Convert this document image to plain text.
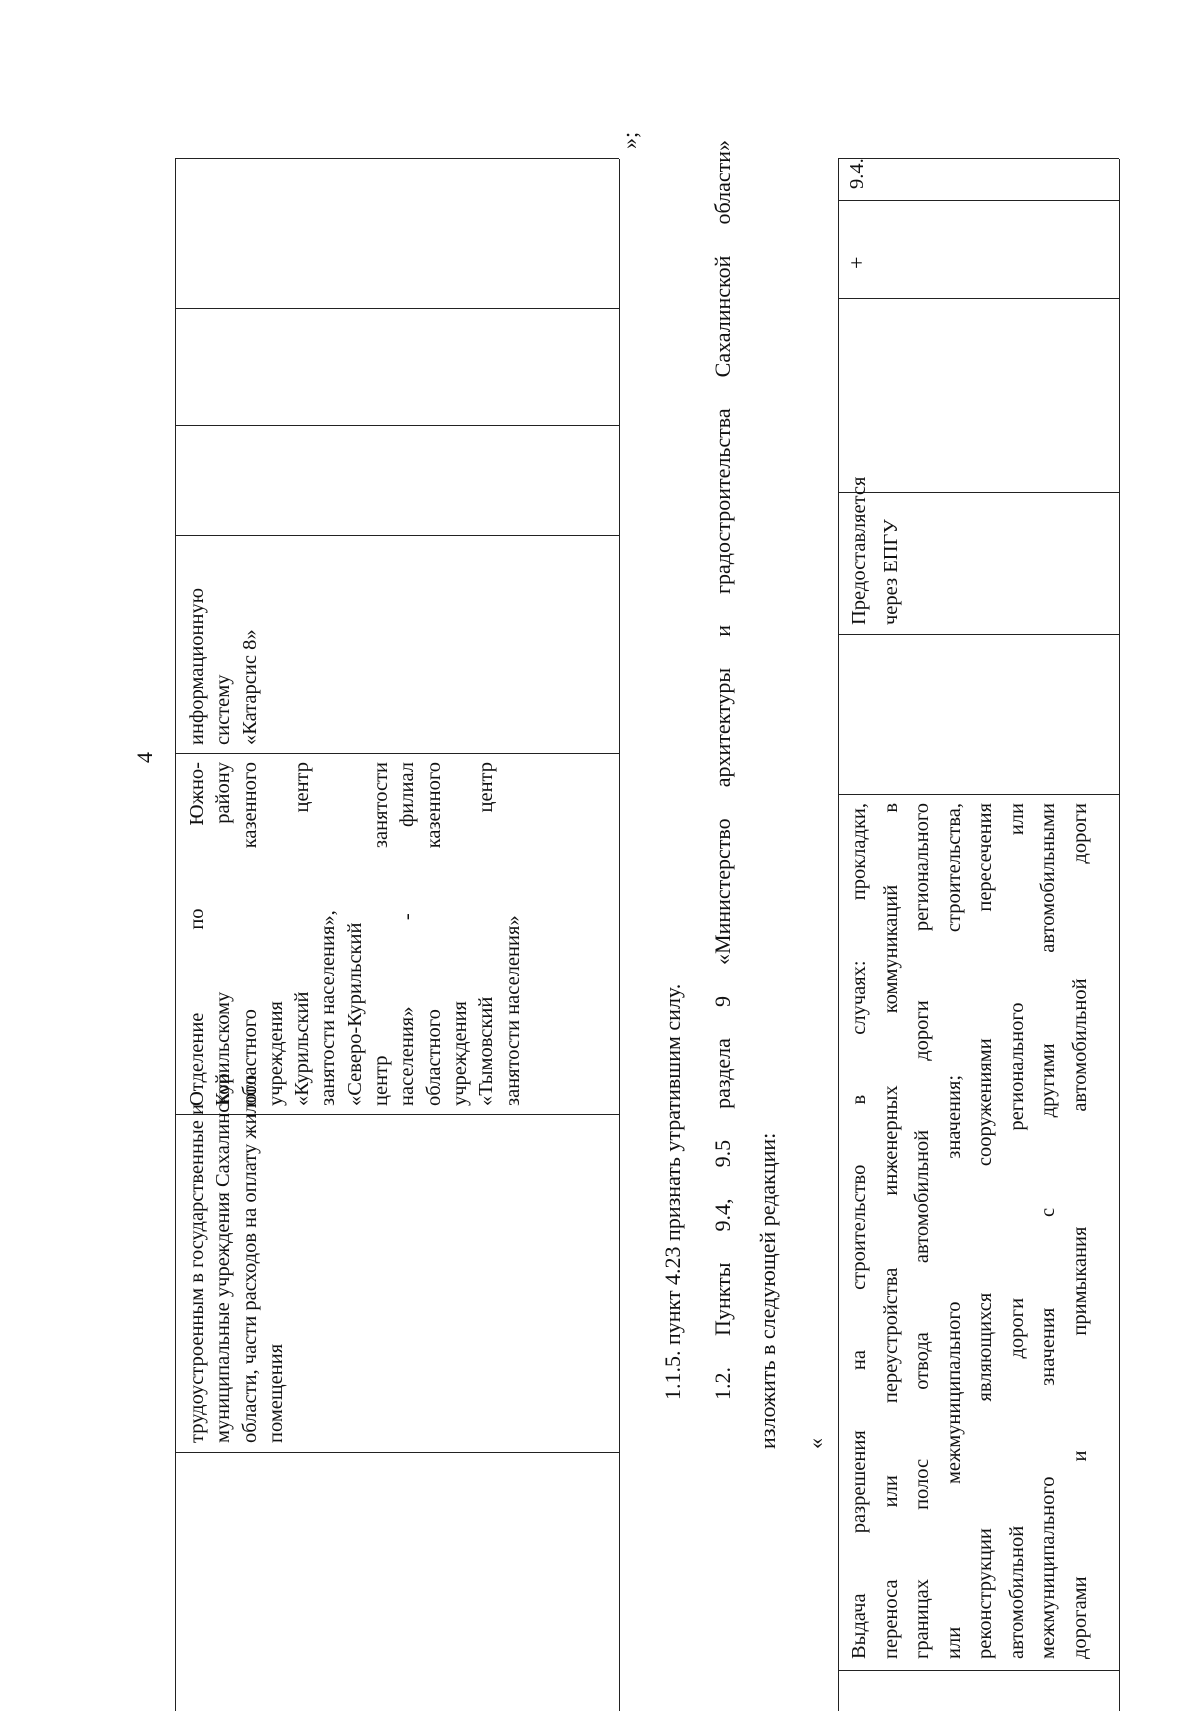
4
трудоустроенным в государственные и муниципальные учреждения Сахалинской области, части расходов на оплату жилого помещения
Отделение по Южно- Курильскому району областного казенного учреждения «Курильский центр занятости населения», «Северо-Курильский центр занятости населения» - филиал областного казенного учреждения «Тымовский центр занятости населения»
информационную систему «Катарсис 8»
»;
1.1.5. пункт 4.23 признать утратившим силу. 1.2. Пункты 9.4, 9.5 раздела 9 «Министерство архитектуры и градостроительства Сахалинской области» изложить в следующей редакции: «
9.4.
Выдача разрешения на строительство в случаях: прокладки, переноса или переустройства инженерных коммуникаций в границах полос отвода автомобильной дороги регионального или межмуниципального значения; строительства, реконструкции являющихся сооружениями пересечения автомобильной дороги регионального или межмуниципального значения с другими автомобильными дорогами и примыкания автомобильной дороги
Предоставляется через ЕПГУ
+
